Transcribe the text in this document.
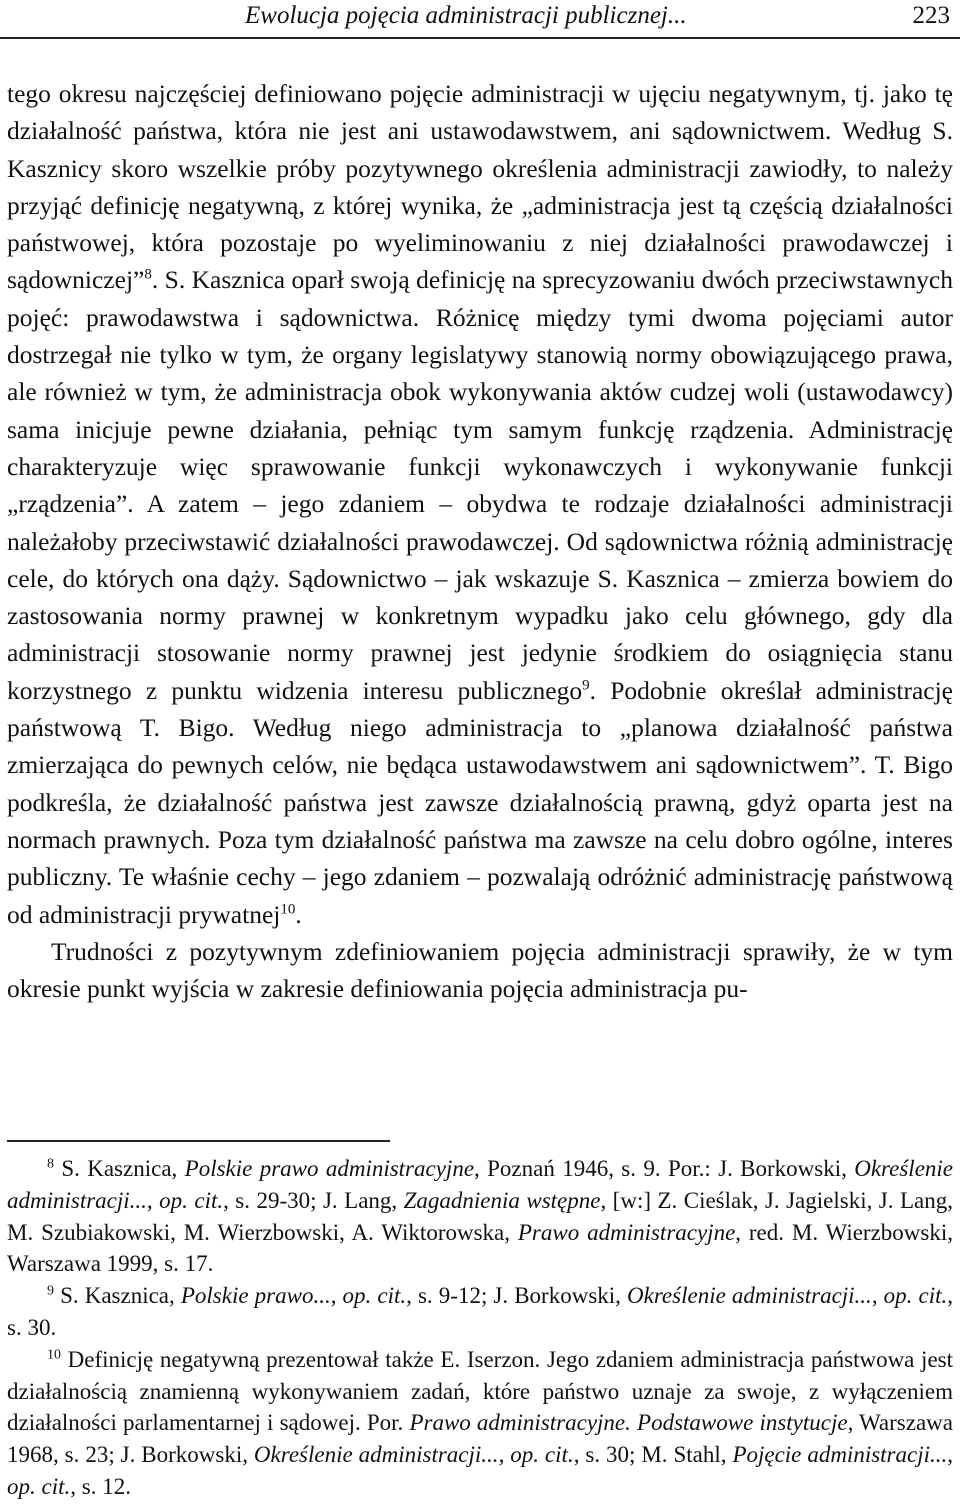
Ewolucja pojęcia administracji publicznej...	223

tego okresu najczęściej definiowano pojęcie administracji w ujęciu negatywnym, tj. jako tę działalność państwa, która nie jest ani ustawodawstwem, ani sądownictwem. Według S. Kasznicy skoro wszelkie próby pozytywnego określenia administracji zawiodły, to należy przyjąć definicję negatywną, z której wynika, że „administracja jest tą częścią działalności państwowej, która pozostaje po wyeliminowaniu z niej działalności prawodawczej i sądowniczej”$^8$. S. Kasznica oparł swoją definicję na sprecyzowaniu dwóch przeciwstawnych pojęć: prawodawstwa i sądownictwa. Różnicę między tymi dwoma pojęciami autor dostrzegał nie tylko w tym, że organy legislatywy stanowią normy obowiązującego prawa, ale również w tym, że administracja obok wykonywania aktów cudzej woli (ustawodawcy) sama inicjuje pewne działania, pełniąc tym samym funkcję rządzenia. Administrację charakteryzuje więc sprawowanie funkcji wykonawczych i wykonywanie funkcji „rządzenia”. A zatem – jego zdaniem – obydwa te rodzaje działalności administracji należałoby przeciwstawić działalności prawodawczej. Od sądownictwa różnią administrację cele, do których ona dąży. Sądownictwo – jak wskazuje S. Kasznica – zmierza bowiem do zastosowania normy prawnej w konkretnym wypadku jako celu głównego, gdy dla administracji stosowanie normy prawnej jest jedynie środkiem do osiągnięcia stanu korzystnego z punktu widzenia interesu publicznego$^9$. Podobnie określał administrację państwową T. Bigo. Według niego administracja to „planowa działalność państwa zmierzająca do pewnych celów, nie będąca ustawodawstwem ani sądownictwem”. T. Bigo podkreśla, że działalność państwa jest zawsze działalnością prawną, gdyż oparta jest na normach prawnych. Poza tym działalność państwa ma zawsze na celu dobro ogólne, interes publiczny. Te właśnie cechy – jego zdaniem – pozwalają odróżnić administrację państwową od administracji prywatnej$^{10}$.

Trudności z pozytywnym zdefiniowaniem pojęcia administracji sprawiły, że w tym okresie punkt wyjścia w zakresie definiowania pojęcia administracja pu-

$^8$ S. Kasznica, Polskie prawo administracyjne, Poznań 1946, s. 9. Por.: J. Borkowski, Określenie administracji..., op. cit., s. 29-30; J. Lang, Zagadnienia wstępne, [w:] Z. Cieślak, J. Jagielski, J. Lang, M. Szubiakowski, M. Wierzbowski, A. Wiktorowska, Prawo administracyjne, red. M. Wierzbowski, Warszawa 1999, s. 17.

$^9$ S. Kasznica, Polskie prawo..., op. cit., s. 9-12; J. Borkowski, Określenie administracji..., op. cit., s. 30.

$^{10}$ Definicję negatywną prezentował także E. Iserzon. Jego zdaniem administracja państwowa jest działalnością znamienną wykonywaniem zadań, które państwo uznaje za swoje, z wyłączeniem działalności parlamentarnej i sądowej. Por. Prawo administracyjne. Podstawowe instytucje, Warszawa 1968, s. 23; J. Borkowski, Określenie administracji..., op. cit., s. 30; M. Stahl, Pojęcie administracji..., op. cit., s. 12.
